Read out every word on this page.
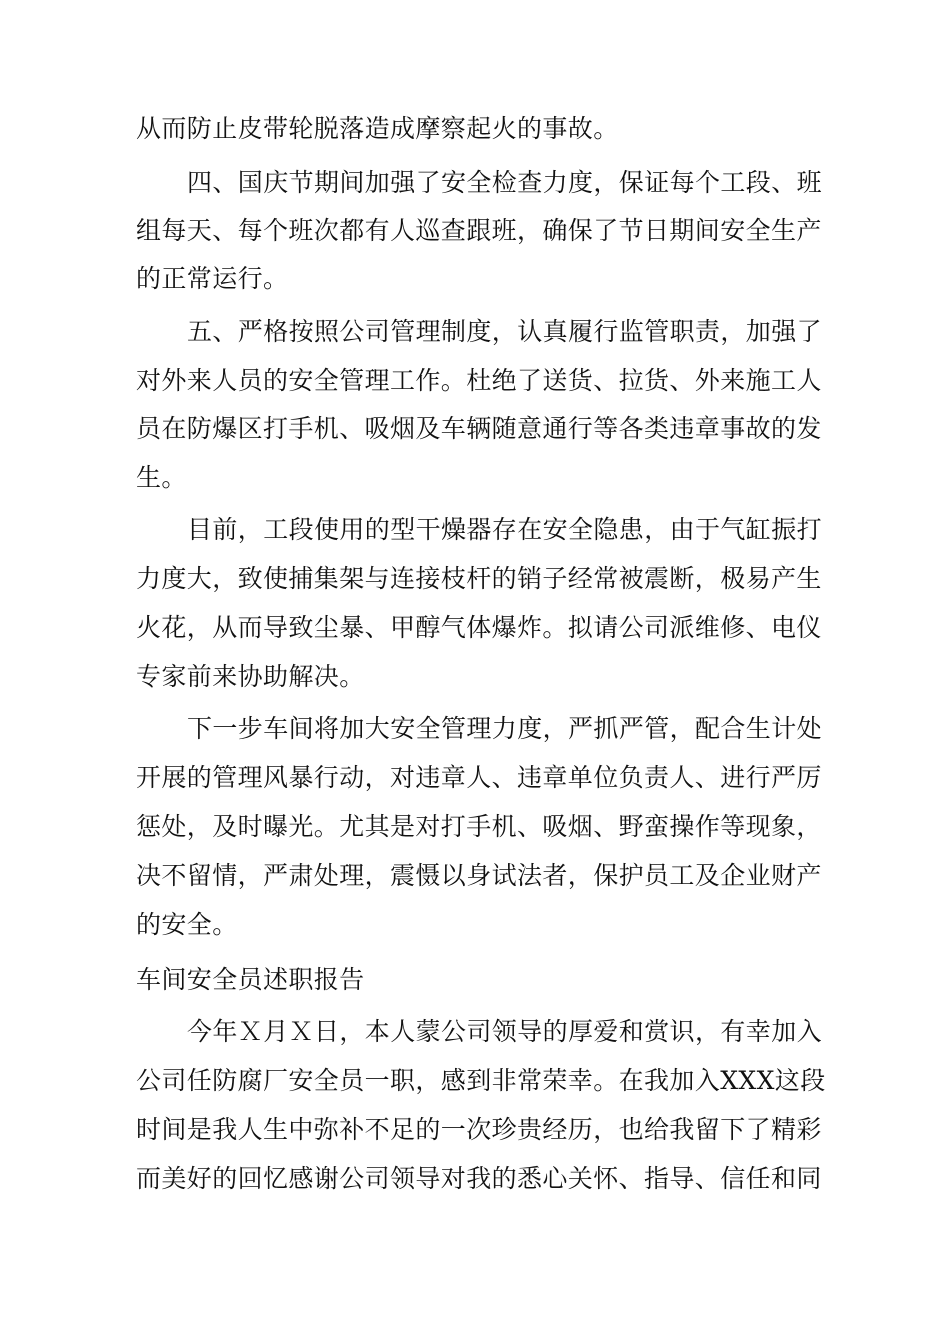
从而防止皮带轮脱落造成摩察起火的事故。
四、国庆节期间加强了安全检查力度，保证每个工段、班
组每天、每个班次都有人巡查跟班，确保了节日期间安全生产
的正常运行。
五、严格按照公司管理制度，认真履行监管职责，加强了
对外来人员的安全管理工作。杜绝了送货、拉货、外来施工人
员在防爆区打手机、吸烟及车辆随意通行等各类违章事故的发
生。
目前，工段使用的型干燥器存在安全隐患，由于气缸振打
力度大，致使捕集架与连接枝杆的销子经常被震断，极易产生
火花，从而导致尘暴、甲醇气体爆炸。拟请公司派维修、电仪
专家前来协助解决。
下一步车间将加大安全管理力度，严抓严管，配合生计处
开展的管理风暴行动，对违章人、违章单位负责人、进行严厉
惩处，及时曝光。尤其是对打手机、吸烟、野蛮操作等现象，
决不留情，严肃处理，震慑以身试法者，保护员工及企业财产
的安全。
车间安全员述职报告
今年Ｘ月Ｘ日，本人蒙公司领导的厚爱和赏识，有幸加入
公司任防腐厂安全员一职，感到非常荣幸。在我加入XXX这段
时间是我人生中弥补不足的一次珍贵经历，也给我留下了精彩
而美好的回忆感谢公司领导对我的悉心关怀、指导、信任和同
